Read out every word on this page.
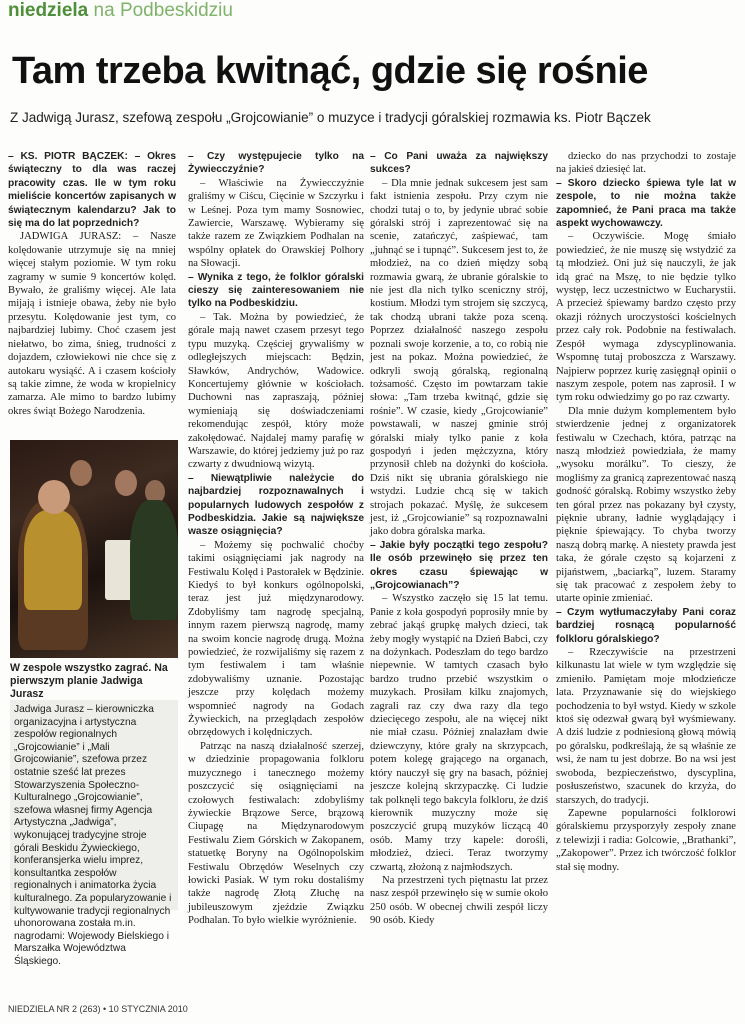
niedziela na Podbeskidziu
Tam trzeba kwitnąć, gdzie się rośnie
Z Jadwigą Jurasz, szefową zespołu „Grojcowianie” o muzyce i tradycji góralskiej rozmawia ks. Piotr Bączek

– KS. PIOTR BĄCZEK: – Okres świąteczny to dla was raczej pracowity czas. Ile w tym roku mieliście koncertów zapisanych w świątecznym kalendarzu? Jak to się ma do lat poprzednich?

JADWIGA JURASZ: – Nasze kolędowanie utrzymuje się na mniej więcej stałym poziomie. W tym roku zagramy w sumie 9 koncertów kolęd. Bywało, że graliśmy więcej. Ale lata mijają i istnieje obawa, żeby nie było przesytu. Kolędowanie jest tym, co najbardziej lubimy. Choć czasem jest niełatwo, bo zima, śnieg, trudności z dojazdem, człowiekowi nie chce się z autokaru wysiąść. A i czasem kościoły są takie zimne, że woda w kropielnicy zamarza. Ale mimo to bardzo lubimy okres świąt Bożego Narodzenia.

– Czy występujecie tylko na Żywiecczyźnie?

– Właściwie na Żywiecczyźnie graliśmy w Ciścu, Cięcinie w Szczyrku i w Leśnej. Poza tym mamy Sosnowiec, Zawiercie, Warszawę. Wybieramy się także razem ze Związkiem Podhalan na wspólny opłatek do Orawskiej Polhory na Słowacji.

– Wynika z tego, że folklor góralski cieszy się zainteresowaniem nie tylko na Podbeskidziu.

– Tak. Można by powiedzieć, że górale mają nawet czasem przesyt tego typu muzyką. Częściej grywaliśmy w odległejszych miejscach: Będzin, Sławków, Andrychów, Wadowice. Koncertujemy głównie w kościołach. Duchowni nas zapraszają, później wymieniają się doświadczeniami rekomendując zespół, który może zakołędować. Najdalej mamy parafię w Warszawie, do której jedziemy już po raz czwarty z dwudniową wizytą.

– Niewątpliwie należycie do najbardziej rozpoznawalnych i popularnych ludowych zespołów z Podbeskidzia. Jakie są największe wasze osiągnięcia?

– Możemy się pochwalić choćby takimi osiągnięciami jak nagrody na Festiwalu Kolęd i Pastorałek w Będzinie. Kiedyś to był konkurs ogólnopolski, teraz jest już międzynarodowy. Zdobyliśmy tam nagrodę specjalną, innym razem pierwszą nagrodę, mamy na swoim koncie nagrodę drugą. Można powiedzieć, że rozwijaliśmy się razem z tym festiwalem i tam właśnie zdobywaliśmy uznanie. Pozostając jeszcze przy kolędach możemy wspomnieć nagrody na Godach Żywieckich, na przeglądach zespołów obrzędowych i kolędniczych.

Patrząc na naszą działalność szerzej, w dziedzinie propagowania folkloru muzycznego i tanecznego możemy poszczycić się osiągnięciami na czołowych festiwalach: zdobyliśmy żywieckie Brązowe Serce, brązową Ciupagę na Międzynarodowym Festiwalu Ziem Górskich w Zakopanem, statuetkę Boryny na Ogólnopolskim Festiwalu Obrzędów Weselnych czy łowicki Pasiak. W tym roku dostaliśmy także nagrodę Złotą Złuchę na jubileuszowym zjeździe Związku Podhalan. To było wielkie wyróżnienie.

– Co Pani uważa za największy sukces?

– Dla mnie jednak sukcesem jest sam fakt istnienia zespołu. Przy czym nie chodzi tutaj o to, by jedynie ubrać sobie góralski strój i zaprezentować się na scenie, zatańczyć, zaśpiewać, tam „juhnąć se i tupnąć”. Sukcesem jest to, że młodzież, na co dzień między sobą rozmawia gwarą, że ubranie góralskie to nie jest dla nich tylko sceniczny strój, kostium. Młodzi tym strojem się szczycą, tak chodzą ubrani także poza sceną. Poprzez działalność naszego zespołu poznali swoje korzenie, a to, co robią nie jest na pokaz. Można powiedzieć, że odkryli swoją góralską, regionalną tożsamość. Często im powtarzam takie słowa: „Tam trzeba kwitnąć, gdzie się rośnie”. W czasie, kiedy „Grojcowianie” powstawali, w naszej gminie strój góralski miały tylko panie z koła gospodyń i jeden mężczyzna, który przynosił chleb na dożynki do kościoła. Dziś nikt się ubrania góralskiego nie wstydzi. Ludzie chcą się w takich strojach pokazać. Myślę, że sukcesem jest, iż „Grojcowianie” są rozpoznawalni jako dobra góralska marka.

– Jakie były początki tego zespołu? Ile osób przewinęło się przez ten okres czasu śpiewając w „Grojcowianach”?

– Wszystko zaczęło się 15 lat temu. Panie z koła gospodyń poprosiły mnie by zebrać jakąś grupkę małych dzieci, tak żeby mogły wystąpić na Dzień Babci, czy na dożynkach. Podeszłam do tego bardzo niepewnie. W tamtych czasach było bardzo trudno przebić wszystkim o muzykach. Prosiłam kilku znajomych, zagrali raz czy dwa razy dla tego dziecięcego zespołu, ale na więcej nikt nie miał czasu. Później znalazłam dwie dziewczyny, które grały na skrzypcach, potem kolegę grającego na organach, który nauczył się gry na basach, później jeszcze kolejną skrzypaczkę. Ci ludzie tak polknęli tego bakcyla folkloru, że dziś kierownik muzyczny może się poszczycić grupą muzyków liczącą 40 osób. Mamy trzy kapele: dorośli, młodzież, dzieci. Teraz tworzymy czwartą, złożoną z najmłodszych.

Na przestrzeni tych piętnastu lat przez nasz zespół przewinęło się w sumie około 250 osób. W obecnej chwili zespół liczy 90 osób. Kiedy

dziecko do nas przychodzi to zostaje na jakieś dziesięć lat.

– Skoro dziecko śpiewa tyle lat w zespole, to nie można także zapomnieć, że Pani praca ma także aspekt wychowawczy.

– Oczywiście. Mogę śmiało powiedzieć, że nie muszę się wstydzić za tą młodzież. Oni już się nauczyli, że jak idą grać na Mszę, to nie będzie tylko występ, lecz uczestnictwo w Eucharystii. A przecież śpiewamy bardzo często przy okazji różnych uroczystości kościelnych przez cały rok. Podobnie na festiwalach. Zespół wymaga zdyscyplinowania. Wspomnę tutaj proboszcza z Warszawy. Najpierw poprzez kurię zasięgnął opinii o naszym zespole, potem nas zaprosił. I w tym roku odwiedzimy go po raz czwarty.

Dla mnie dużym komplementem było stwierdzenie jednej z organizatorek festiwalu w Czechach, która, patrząc na naszą młodzież powiedziała, że mamy „wysoku morálku”. To cieszy, że mogliśmy za granicą zaprezentować naszą godność góralską. Robimy wszystko żeby ten góral przez nas pokazany był czysty, pięknie ubrany, ładnie wyglądający i pięknie śpiewający. To chyba tworzy naszą dobrą markę. A niestety prawda jest taka, że górale często są kojarzeni z pijaństwem, „baciarką”, luzem. Staramy się tak pracować z zespołem żeby to utarte opinie zmieniać.

– Czym wytłumaczyłaby Pani coraz bardziej rosnącą popularność folkloru góralskiego?

– Rzeczywiście na przestrzeni kilkunastu lat wiele w tym względzie się zmieniło. Pamiętam moje młodzieńcze lata. Przyznawanie się do wiejskiego pochodzenia to był wstyd. Kiedy w szkole ktoś się odezwał gwarą był wyśmiewany. A dziś ludzie z podniesioną głową mówią po góralsku, podkreślają, że są właśnie ze wsi, że nam tu jest dobrze. Bo na wsi jest swoboda, bezpieczeństwo, dyscyplina, posłuszeństwo, szacunek do krzyża, do starszych, do tradycji.

Zapewne popularności folklorowi góralskiemu przysporzyły zespoły znane z telewizji i radia: Golcowie, „Brathanki”, „Zakopower”. Przez ich twórczość folklor stał się modny.

W zespole wszystko zagrać. Na pierwszym planie Jadwiga Jurasz

Jadwiga Jurasz – kierowniczka organizacyjna i artystyczna zespołów regionalnych „Grojcowianie” i „Mali Grojcowianie”, szefowa przez ostatnie sześć lat prezes Stowarzyszenia Społeczno-Kulturalnego „Grojcowianie”, szefowa własnej firmy Agencja Artystyczna „Jadwiga”, wykonującej tradycyjne stroje górali Beskidu Żywieckiego, konferansjerka wielu imprez, konsultantka zespołów regionalnych i animatorka życia kulturalnego. Za popularyzowanie i kultywowanie tradycji regionalnych uhonorowana została m.in. nagrodami: Wojewody Bielskiego i Marszałka Województwa Śląskiego.

NIEDZIELA NR 2 (263) • 10 STYCZNIA 2010
